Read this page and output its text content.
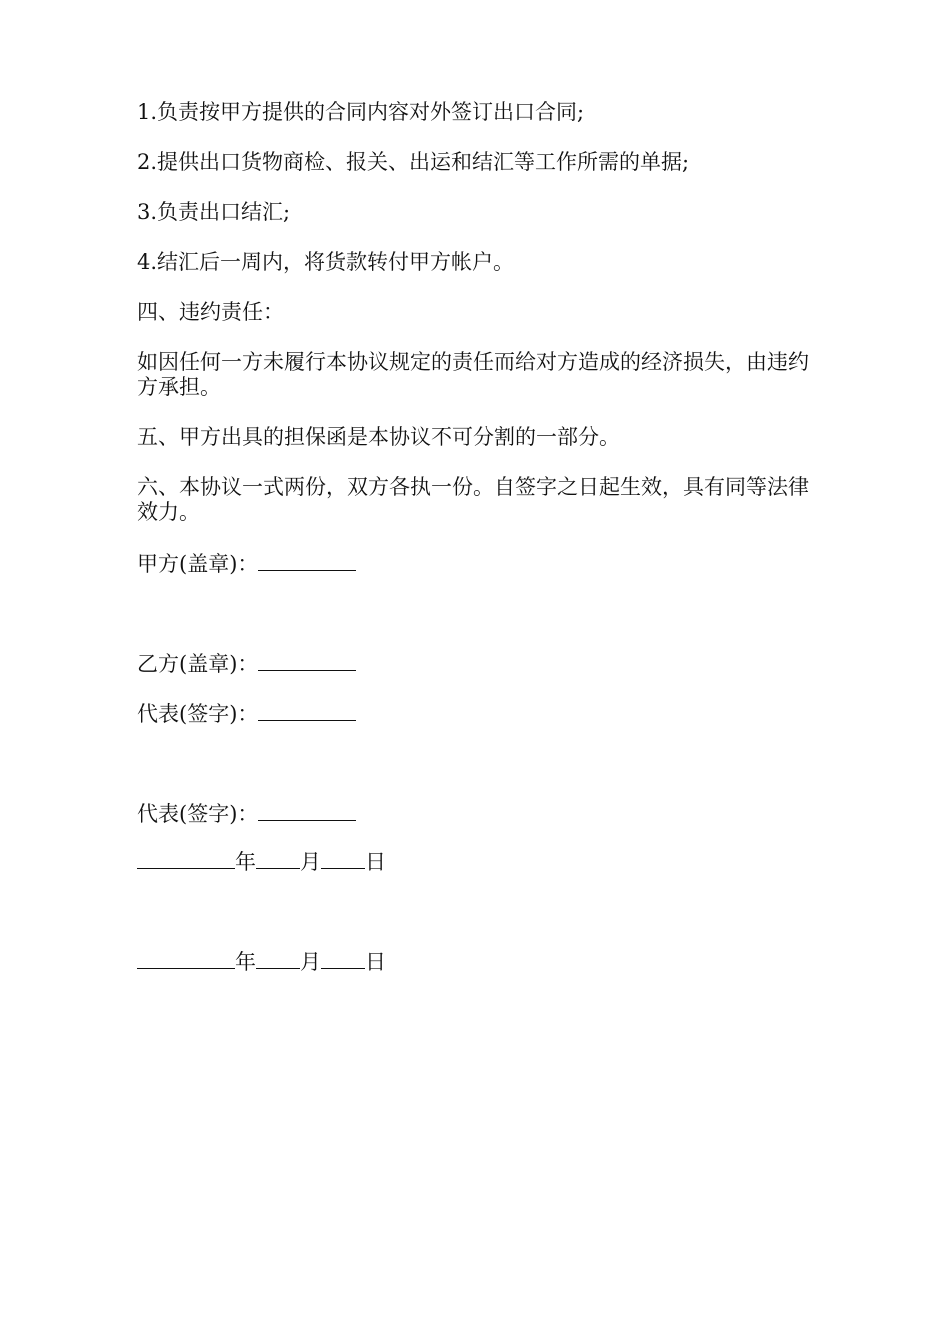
1.负责按甲方提供的合同内容对外签订出口合同;
2.提供出口货物商检、报关、出运和结汇等工作所需的单据;
3.负责出口结汇;
4.结汇后一周内，将货款转付甲方帐户。
四、违约责任：
如因任何一方未履行本协议规定的责任而给对方造成的经济损失，由违约方承担。
五、甲方出具的担保函是本协议不可分割的一部分。
六、本协议一式两份，双方各执一份。自签字之日起生效，具有同等法律效力。
甲方(盖章)：
乙方(盖章)：
代表(签字)：
代表(签字)：
年 月 日
年 月 日
